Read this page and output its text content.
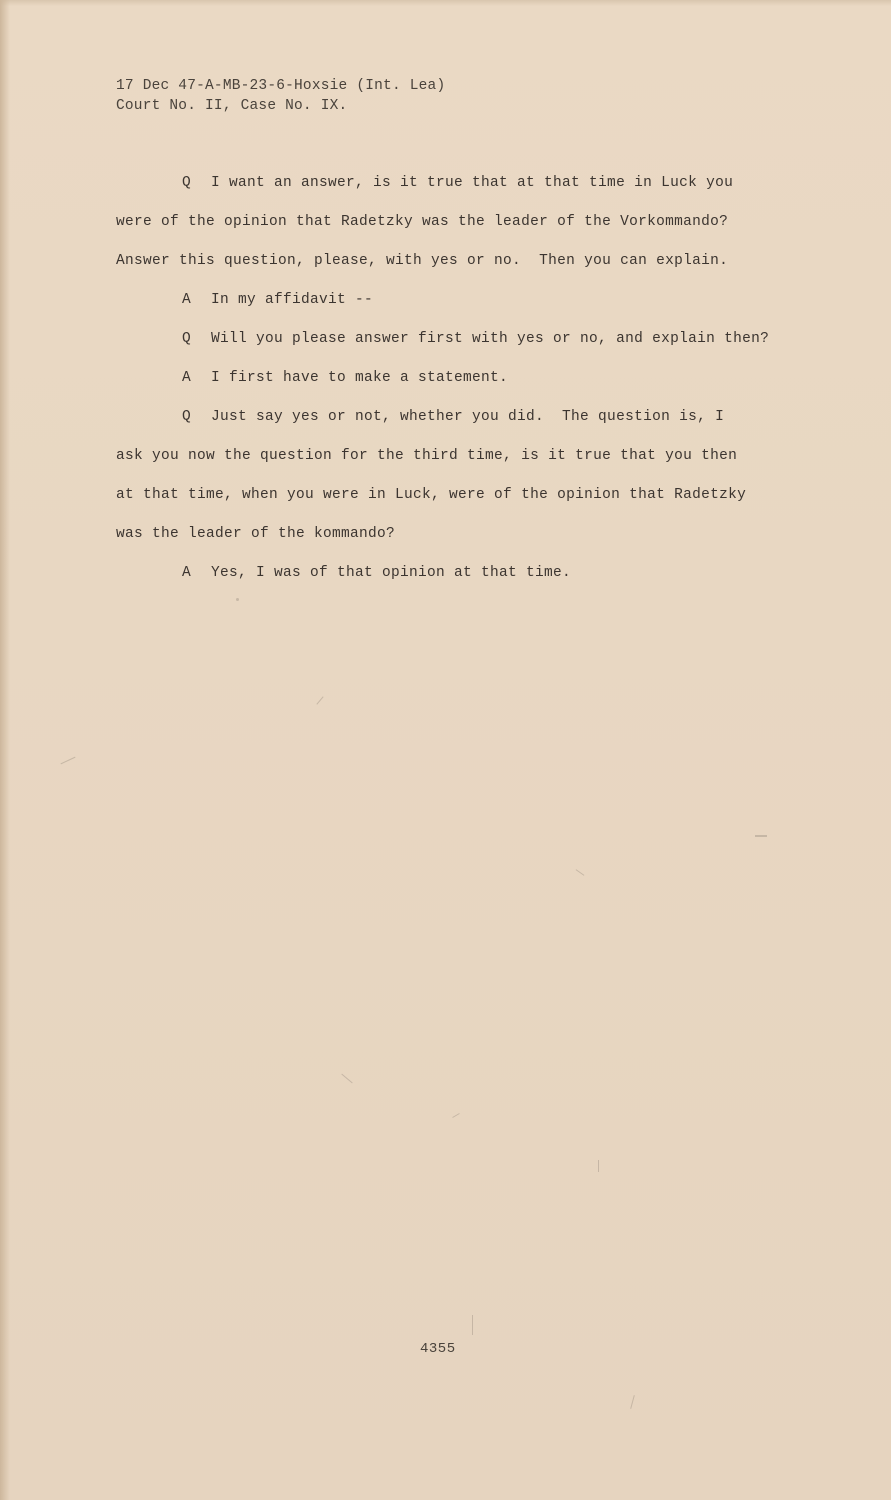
17 Dec 47-A-MB-23-6-Hoxsie (Int. Lea)
Court No. II, Case No. IX.
Q I want an answer, is it true that at that time in Luck you
were of the opinion that Radetzky was the leader of the Vorkommando?
Answer this question, please, with yes or no.  Then you can explain.
A In my affidavit --
Q Will you please answer first with yes or no, and explain then?
A I first have to make a statement.
Q Just say yes or not, whether you did.  The question is, I
ask you now the question for the third time, is it true that you then
at that time, when you were in Luck, were of the opinion that Radetzky
was the leader of the kommando?
A Yes, I was of that opinion at that time.
4355
